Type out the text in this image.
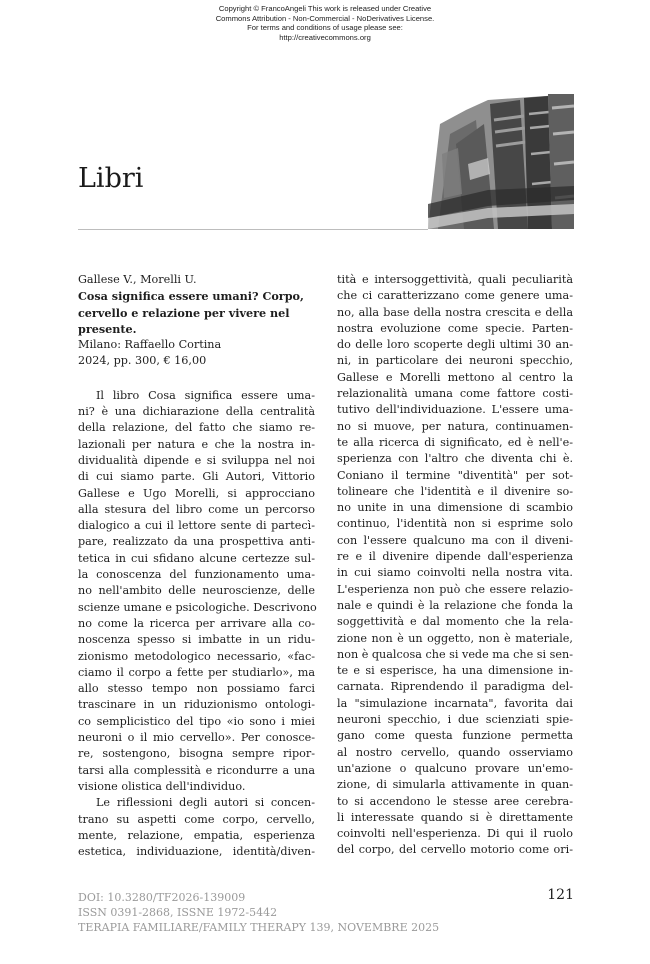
Copyright © FrancoAngeli This work is released under Creative
Commons Attribution - Non-Commercial - NoDerivatives License.
For terms and conditions of usage please see:
http://creativecommons.org
Libri
Gallese V., Morelli U.
Cosa significa essere umani? Corpo,
cervello e relazione per vivere nel
presente.
Milano: Raffaello Cortina
2024, pp. 300, € 16,00
Il libro Cosa significa essere uma-
ni? è una dichiarazione della centralità
della relazione, del fatto che siamo re-
lazionali per natura e che la nostra in-
dividualità dipende e si sviluppa nel noi
di cui siamo parte. Gli Autori, Vittorio
Gallese e Ugo Morelli, si approcciano
alla stesura del libro come un percorso
dialogico a cui il lettore sente di partecì-
pare, realizzato da una prospettiva anti-
tetica in cui sfidano alcune certezze sul-
la conoscenza del funzionamento uma-
no nell'ambito delle neuroscienze, delle
scienze umane e psicologiche. Descrivono
no come la ricerca per arrivare alla co-
noscenza spesso si imbatte in un ridu-
zionismo metodologico necessario, «fac-
ciamo il corpo a fette per studiarlo», ma
allo stesso tempo non possiamo farci
trascinare in un riduzionismo ontologi-
co semplicistico del tipo «io sono i miei
neuroni o il mio cervello». Per conosce-
re, sostengono, bisogna sempre ripor-
tarsi alla complessità e ricondurre a una
visione olistica dell'individuo.
Le riflessioni degli autori si concen-
trano su aspetti come corpo, cervello,
mente, relazione, empatia, esperienza
estetica, individuazione, identità/diven-
tità e intersoggettività, quali peculiarità
che ci caratterizzano come genere uma-
no, alla base della nostra crescita e della
nostra evoluzione come specie. Parten-
do delle loro scoperte degli ultimi 30 an-
ni, in particolare dei neuroni specchio,
Gallese e Morelli mettono al centro la
relazionalità umana come fattore costi-
tutivo dell'individuazione. L'essere uma-
no si muove, per natura, continuamen-
te alla ricerca di significato, ed è nell'e-
sperienza con l'altro che diventa chi è.
Coniano il termine "diventità" per sot-
tolineare che l'identità e il divenire so-
no unite in una dimensione di scambio
continuo, l'identità non si esprime solo
con l'essere qualcuno ma con il diveni-
re e il divenire dipende dall'esperienza
in cui siamo coinvolti nella nostra vita.
L'esperienza non può che essere relazio-
nale e quindi è la relazione che fonda la
soggettività e dal momento che la rela-
zione non è un oggetto, non è materiale,
non è qualcosa che si vede ma che si sen-
te e si esperisce, ha una dimensione in-
carnata. Riprendendo il paradigma del-
la "simulazione incarnata", favorita dai
neuroni specchio, i due scienziati spie-
gano come questa funzione permetta
al nostro cervello, quando osserviamo
un'azione o qualcuno provare un'emo-
zione, di simularla attivamente in quan-
to si accendono le stesse aree cerebra-
li interessate quando si è direttamente
coinvolti nell'esperienza. Di qui il ruolo
del corpo, del cervello motorio come ori-
DOI: 10.3280/TF2026-139009
ISSN 0391-2868, ISSNE 1972-5442
TERAPIA FAMILIARE/FAMILY THERAPY 139, NOVEMBRE 2025
121
